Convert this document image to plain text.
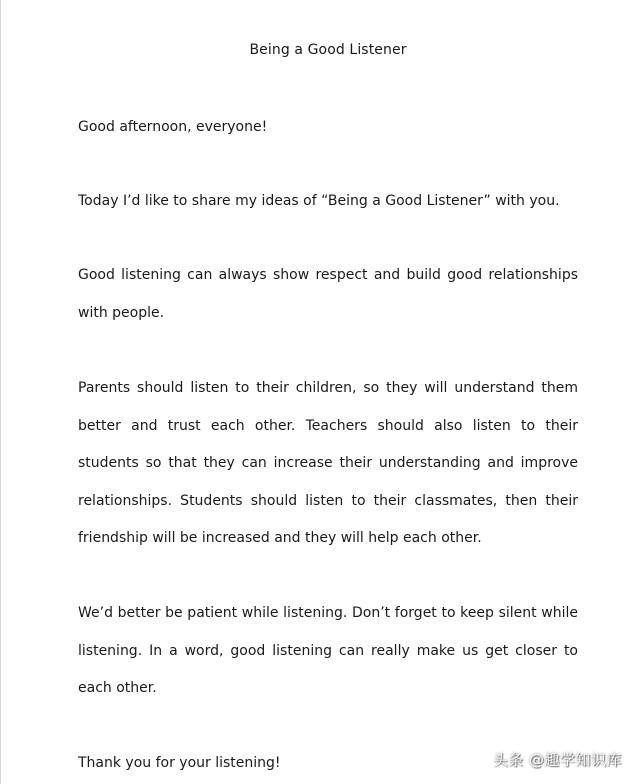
Being a Good Listener

Good afternoon, everyone!

Today I’d like to share my ideas of “Being a Good Listener” with you.

Good listening can always show respect and build good relationships with people.

Parents should listen to their children, so they will understand them better and trust each other. Teachers should also listen to their students so that they can increase their understanding and improve relationships. Students should listen to their classmates, then their friendship will be increased and they will help each other.

We’d better be patient while listening. Don’t forget to keep silent while listening. In a word, good listening can really make us get closer to each other.

Thank you for your listening!	头条 @趣学知识库
